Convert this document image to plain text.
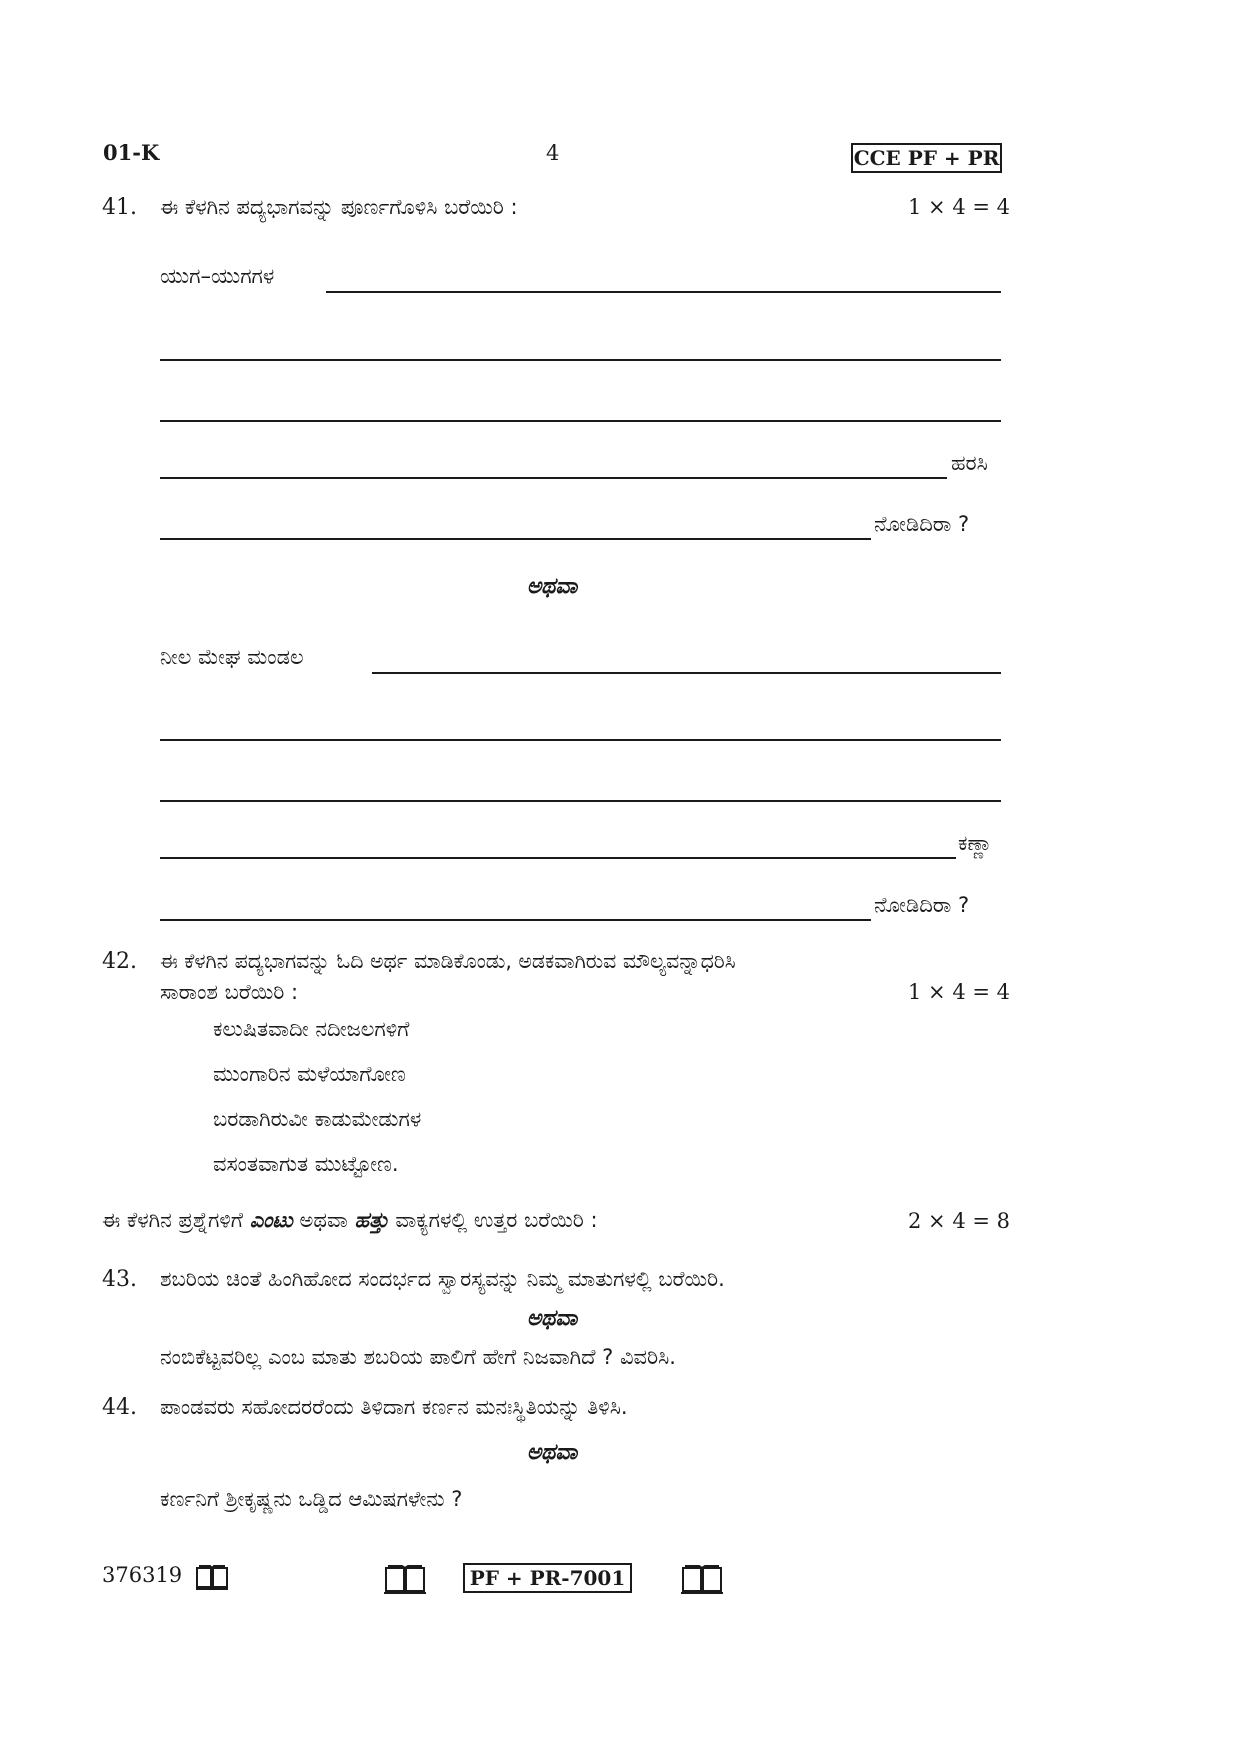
01-K	4	CCE PF + PR
41. ಈ ಕೆಳಗಿನ ಪದ್ಯಭಾಗವನ್ನು ಪೂರ್ಣಗೊಳಿಸಿ ಬರೆಯಿರಿ :	1 × 4 = 4
ಯುಗ–ಯುಗಗಳ
ಹರಸಿ
ನೋಡಿದಿರಾ ?
ಅಥವಾ
ನೀಲ ಮೇಘ ಮಂಡಲ
ಕಣ್ಣಾ
ನೋಡಿದಿರಾ ?
42. ಈ ಕೆಳಗಿನ ಪದ್ಯಭಾಗವನ್ನು ಓದಿ ಅರ್ಥ ಮಾಡಿಕೊಂಡು, ಅಡಕವಾಗಿರುವ ಮೌಲ್ಯವನ್ನಾಧರಿಸಿ
ಸಾರಾಂಶ ಬರೆಯಿರಿ :	1 × 4 = 4
ಕಲುಷಿತವಾದೀ ನದೀಜಲಗಳಿಗೆ
ಮುಂಗಾರಿನ ಮಳೆಯಾಗೋಣ
ಬರಡಾಗಿರುವೀ ಕಾಡುಮೇಡುಗಳ
ವಸಂತವಾಗುತ ಮುಟ್ಟೋಣ.
ಈ ಕೆಳಗಿನ ಪ್ರಶ್ನೆಗಳಿಗೆ ಎಂಟು ಅಥವಾ ಹತ್ತು ವಾಕ್ಯಗಳಲ್ಲಿ ಉತ್ತರ ಬರೆಯಿರಿ :	2 × 4 = 8
43. ಶಬರಿಯ ಚಿಂತೆ ಹಿಂಗಿಹೋದ ಸಂದರ್ಭದ ಸ್ವಾರಸ್ಯವನ್ನು ನಿಮ್ಮ ಮಾತುಗಳಲ್ಲಿ ಬರೆಯಿರಿ.
ಅಥವಾ
ನಂಬಿಕೆಟ್ಟವರಿಲ್ಲ ಎಂಬ ಮಾತು ಶಬರಿಯ ಪಾಲಿಗೆ ಹೇಗೆ ನಿಜವಾಗಿದೆ ? ವಿವರಿಸಿ.
44. ಪಾಂಡವರು ಸಹೋದರರೆಂದು ತಿಳಿದಾಗ ಕರ್ಣನ ಮನಃಸ್ಥಿತಿಯನ್ನು ತಿಳಿಸಿ.
ಅಥವಾ
ಕರ್ಣನಿಗೆ ಶ್ರೀಕೃಷ್ಣನು ಒಡ್ಡಿದ ಆಮಿಷಗಳೇನು ?
376319	PF + PR-7001
